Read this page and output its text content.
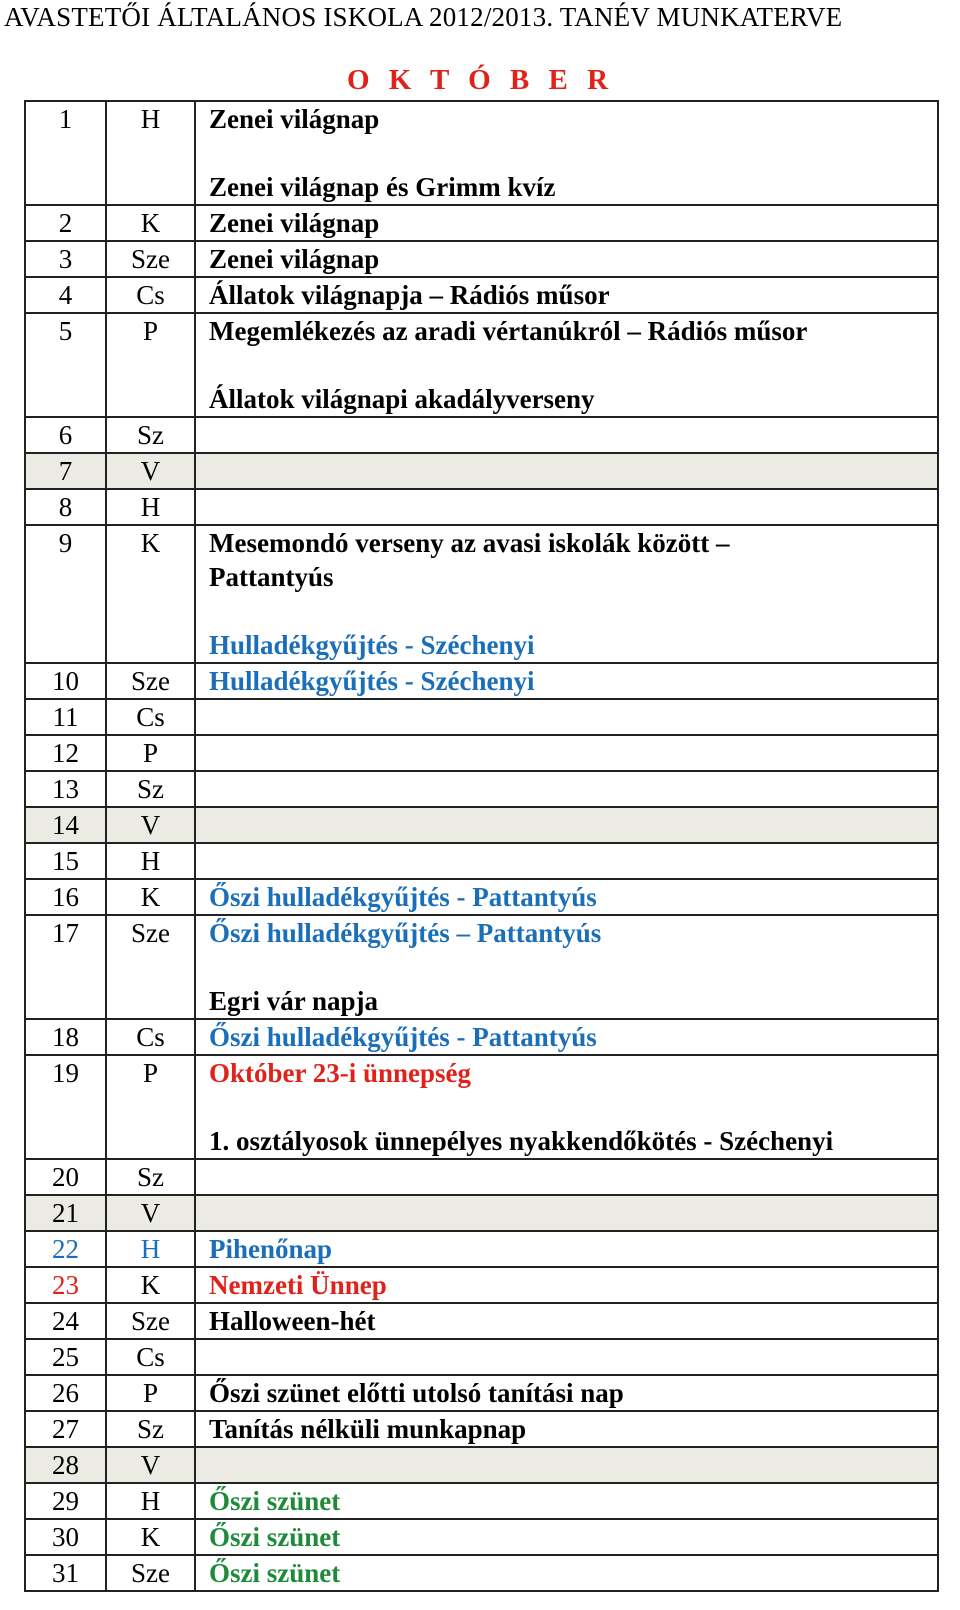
AVASTETŐI ÁLTALÁNOS ISKOLA 2012/2013. TANÉV MUNKATERVE
O K T Ó B E R
1	H	Zenei világnap
Zenei világnap és Grimm kvíz

2	K	Zenei világnap

3	Sze	Zenei világnap

4	Cs	Állatok világnapja – Rádiós műsor

5	P	Megemlékezés az aradi vértanúkról – Rádiós műsor
Állatok világnapi akadályverseny

6	Sz	
7	V	
8	H	
9	K	Mesemondó verseny az avasi iskolák között –
Pattantyús
Hulladékgyűjtés - Széchenyi

10	Sze	Hulladékgyűjtés - Széchenyi

11	Cs	
12	P	
13	Sz	
14	V	
15	H	
16	K	Őszi hulladékgyűjtés - Pattantyús

17	Sze	Őszi hulladékgyűjtés – Pattantyús
Egri vár napja

18	Cs	Őszi hulladékgyűjtés - Pattantyús

19	P	Október 23-i ünnepség
1. osztályosok ünnepélyes nyakkendőkötés - Széchenyi

20	Sz	
21	V	
22	H	Pihenőnap

23	K	Nemzeti Ünnep

24	Sze	Halloween-hét

25	Cs	
26	P	Őszi szünet előtti utolsó tanítási nap

27	Sz	Tanítás nélküli munkapnap

28	V	
29	H	Őszi szünet

30	K	Őszi szünet

31	Sze	Őszi szünet
